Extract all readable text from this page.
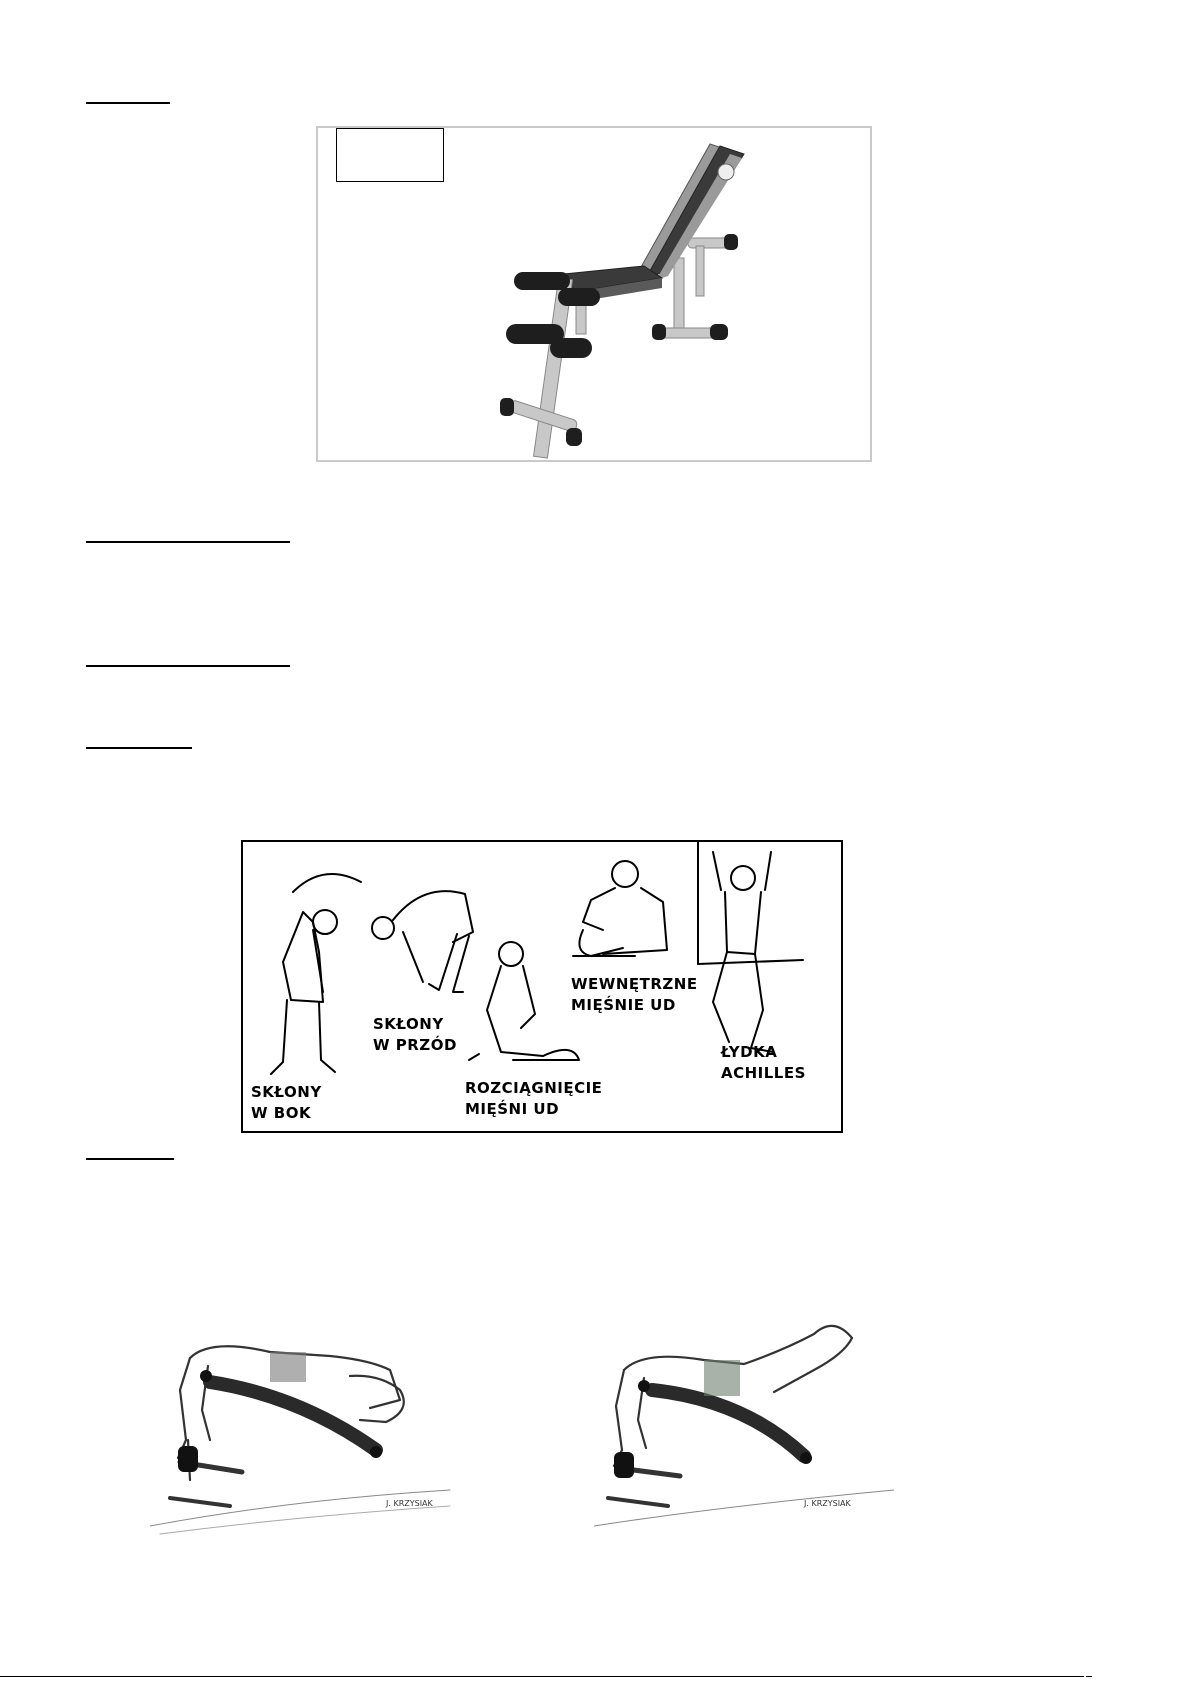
SKŁONY
W BOK
SKŁONY
W PRZÓD
ROZCIĄGNIĘCIE
MIĘŚNI UD
WEWNĘTRZNE
MIĘŚNIE UD
ŁYDKA
ACHILLES
J. KRZYSIAK	J. KRZYSIAK
